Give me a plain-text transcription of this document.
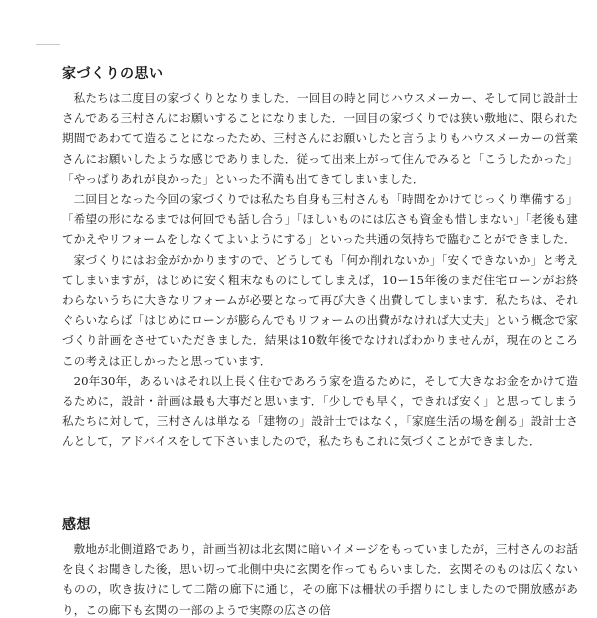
家づくりの思い

私たちは二度目の家づくりとなりました．一回目の時と同じハウスメーカー、そして同じ設計士さんである三村さんにお願いすることになりました．一回目の家づくりでは狭い敷地に、限られた期間であわてて造ることになったため、三村さんにお願いしたと言うよりもハウスメーカーの営業さんにお願いしたような感じでありました．従って出来上がって住んでみると「こうしたかった」「やっぱりあれが良かった」といった不満も出てきてしまいました．

二回目となった今回の家づくりでは私たち自身も三村さんも「時間をかけてじっくり準備する」「希望の形になるまでは何回でも話し合う」「ほしいものには広さも資金も惜しまない」「老後も建てかえやリフォームをしなくてよいようにする」といった共通の気持ちで臨むことができました．

家づくりにはお金がかかりますので、どうしても「何か削れないか」「安くできないか」と考えてしまいますが，はじめに安く粗末なものにしてしまえば，10ー15年後のまだ住宅ローンがお終わらないうちに大きなリフォームが必要となって再び大きく出費してしまいます．私たちは、それぐらいならば「はじめにローンが膨らんでもリフォームの出費がなければ大丈夫」という概念で家づくり計画をさせていただきました．結果は10数年後でなければわかりませんが，現在のところこの考えは正しかったと思っています．

20年30年，あるいはそれ以上長く住むであろう家を造るために，そして大きなお金をかけて造るために，設計・計画は最も大事だと思います．「少しでも早く，できれば安く」と思ってしまう私たちに対して，三村さんは単なる「建物の」設計士ではなく，「家庭生活の場を創る」設計士さんとして，アドバイスをして下さいましたので，私たちもこれに気づくことができました．

感想

敷地が北側道路であり，計画当初は北玄関に暗いイメージをもっていましたが，三村さんのお話を良くお聞きした後，思い切って北側中央に玄関を作ってもらいました．玄関そのものは広くないものの，吹き抜けにして二階の廊下に通じ，その廊下は柵状の手摺りにしましたので開放感があり，この廊下も玄関の一部のようで実際の広さの倍
